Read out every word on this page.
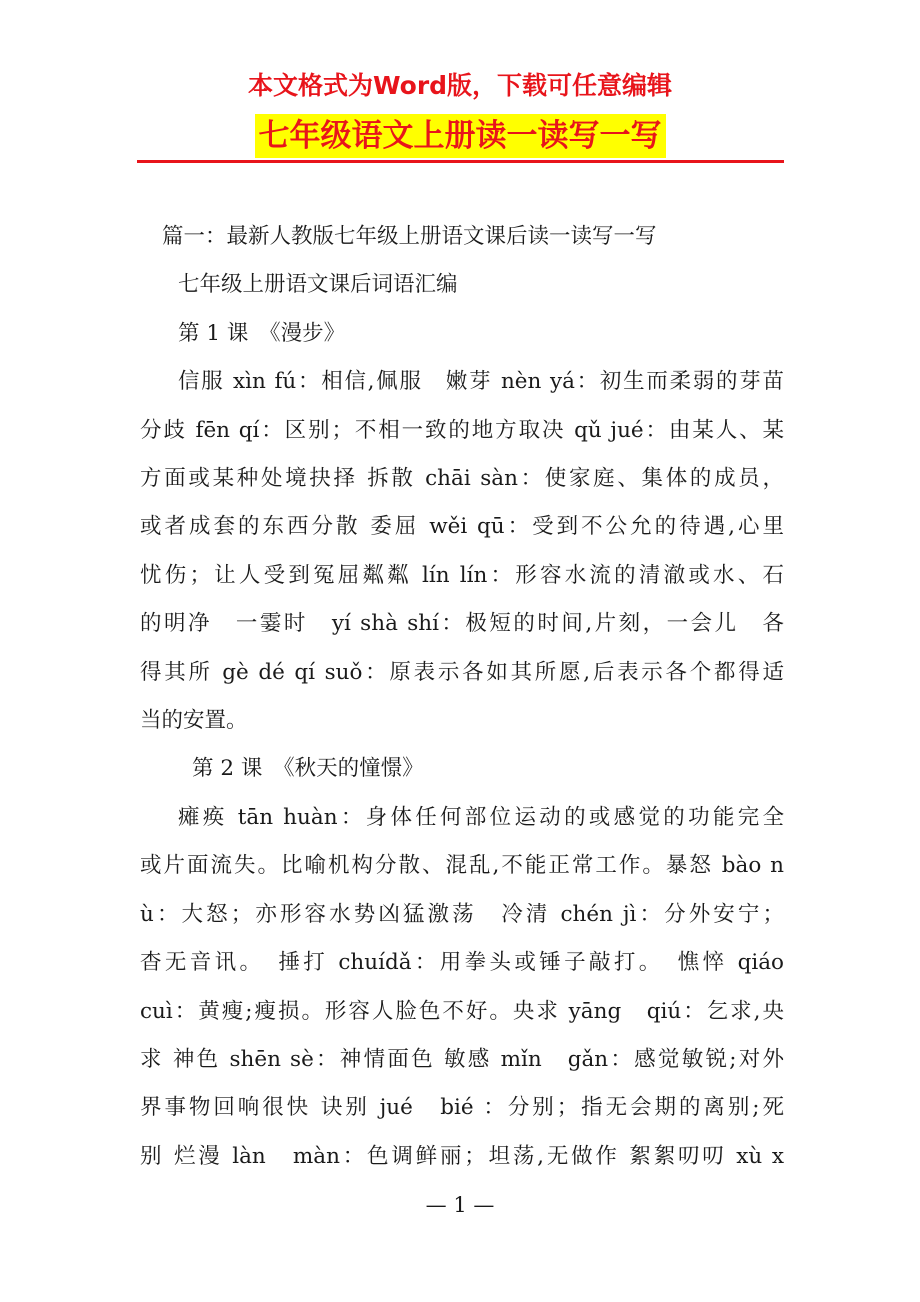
本文格式为Word版，下载可任意编辑
七年级语文上册读一读写一写

篇一：最新人教版七年级上册语文课后读一读写一写

七年级上册语文课后词语汇编

第 1 课　《漫步》

信服 xìn fú：相信,佩服　嫩芽 nèn yá：初生而柔弱的芽苗

分歧 fēn qí：区别；不相一致的地方取决 qǔ jué：由某人、某

方面或某种处境抉择 拆散 chāi sàn：使家庭、集体的成员，

或者成套的东西分散 委屈 wěi qū：受到不公允的待遇,心里

忧伤；让人受到冤屈粼粼 lín lín：形容水流的清澈或水、石

的明净　一霎时　yí shà shí：极短的时间,片刻，一会儿　各

得其所 gè dé qí suǒ：原表示各如其所愿,后表示各个都得适

当的安置。

第 2 课　《秋天的憧憬》

瘫痪 tān huàn：身体任何部位运动的或感觉的功能完全

或片面流失。比喻机构分散、混乱,不能正常工作。暴怒 bào n

ù：大怒；亦形容水势凶猛激荡　冷清 chén jì：分外安宁；

杳无音讯。　捶打 chuídǎ：用拳头或锤子敲打。　憔悴 qiáo

cuì：黄瘦;瘦损。形容人脸色不好。央求 yāng　qiú：乞求,央

求 神色 shēn sè：神情面色 敏感 mǐn　gǎn：感觉敏锐;对外

界事物回响很快 诀别 jué　bié ：分别；指无会期的离别;死

别 烂漫 làn　màn：色调鲜丽；坦荡,无做作 絮絮叨叨 xù x

— 1 —
